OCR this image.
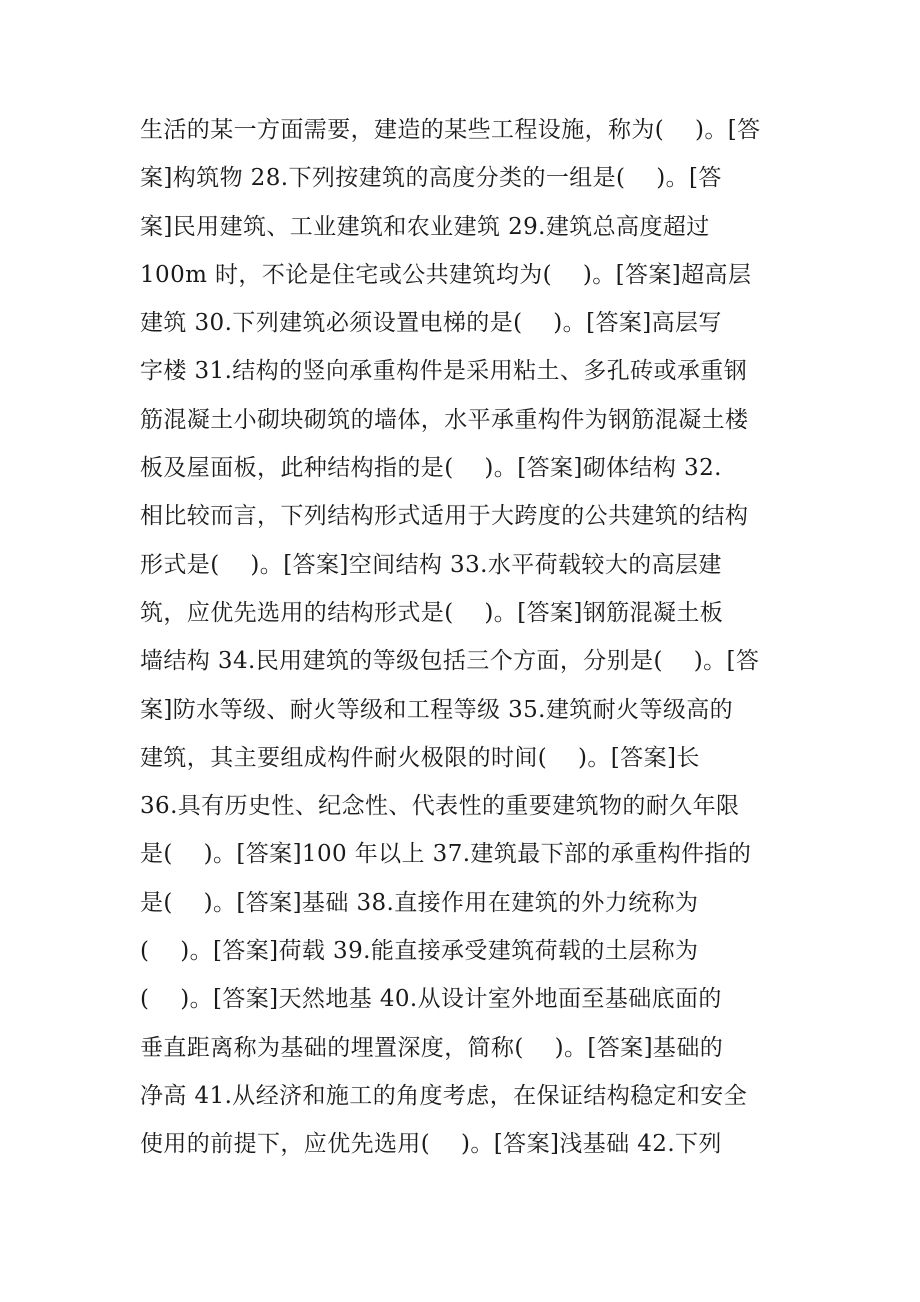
生活的某一方面需要，建造的某些工程设施，称为(    )。[答
案]构筑物 28.下列按建筑的高度分类的一组是(    )。[答
案]民用建筑、工业建筑和农业建筑 29.建筑总高度超过
100m 时，不论是住宅或公共建筑均为(    )。[答案]超高层
建筑 30.下列建筑必须设置电梯的是(    )。[答案]高层写
字楼 31.结构的竖向承重构件是采用粘土、多孔砖或承重钢
筋混凝土小砌块砌筑的墙体，水平承重构件为钢筋混凝土楼
板及屋面板，此种结构指的是(    )。[答案]砌体结构 32.
相比较而言，下列结构形式适用于大跨度的公共建筑的结构
形式是(    )。[答案]空间结构 33.水平荷载较大的高层建
筑，应优先选用的结构形式是(    )。[答案]钢筋混凝土板
墙结构 34.民用建筑的等级包括三个方面，分别是(    )。[答
案]防水等级、耐火等级和工程等级 35.建筑耐火等级高的
建筑，其主要组成构件耐火极限的时间(    )。[答案]长
36.具有历史性、纪念性、代表性的重要建筑物的耐久年限
是(    )。[答案]100 年以上 37.建筑最下部的承重构件指的
是(    )。[答案]基础 38.直接作用在建筑的外力统称为
(    )。[答案]荷载 39.能直接承受建筑荷载的土层称为
(    )。[答案]天然地基 40.从设计室外地面至基础底面的
垂直距离称为基础的埋置深度，简称(    )。[答案]基础的
净高 41.从经济和施工的角度考虑，在保证结构稳定和安全
使用的前提下，应优先选用(    )。[答案]浅基础 42.下列
